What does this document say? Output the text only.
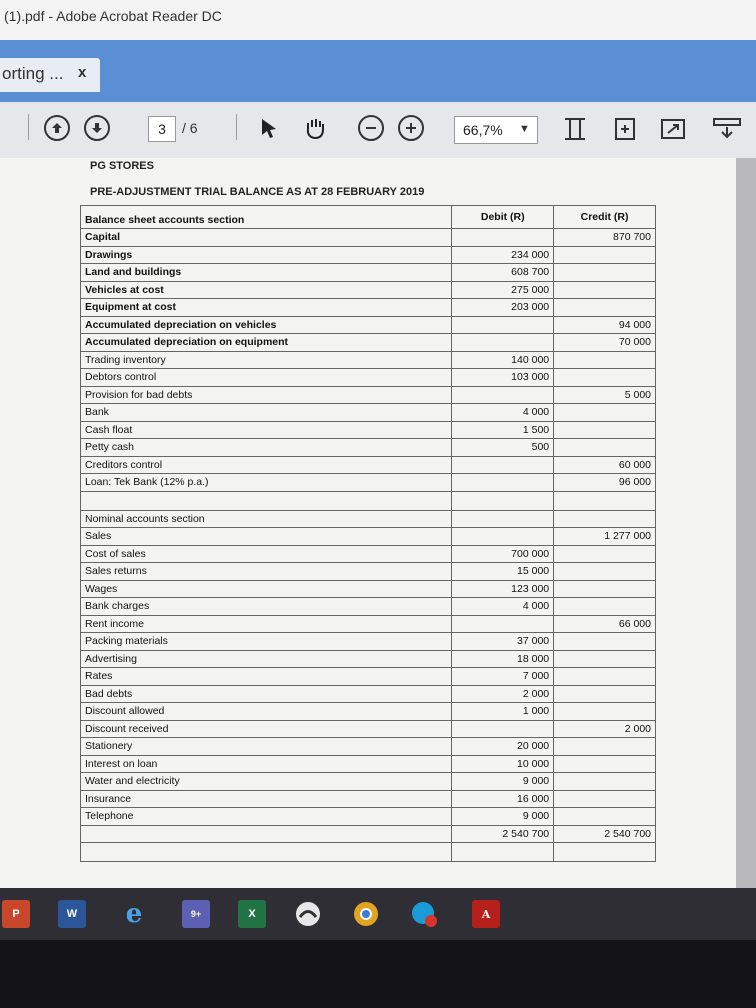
(1).pdf - Adobe Acrobat Reader DC
orting ... x
3	/ 6	66,7% ▼
PG STORES
PRE-ADJUSTMENT TRIAL BALANCE AS AT 28 FEBRUARY 2019
Balance sheet accounts section	Debit (R)	Credit (R)
Capital		870 700
Drawings	234 000	
Land and buildings	608 700	
Vehicles at cost	275 000	
Equipment at cost	203 000	
Accumulated depreciation on vehicles		94 000
Accumulated depreciation on equipment		70 000
Trading inventory	140 000	
Debtors control	103 000	
Provision for bad debts		5 000
Bank	4 000	
Cash float	1 500	
Petty cash	500	
Creditors control		60 000
Loan: Tek Bank (12% p.a.)		96 000

Nominal accounts section		
Sales		1 277 000
Cost of sales	700 000	
Sales returns	15 000	
Wages	123 000	
Bank charges	4 000	
Rent income		66 000
Packing materials	37 000	
Advertising	18 000	
Rates	7 000	
Bad debts	2 000	
Discount allowed	1 000	
Discount received		2 000
Stationery	20 000	
Interest on loan	10 000	
Water and electricity	9 000	
Insurance	16 000	
Telephone	9 000	
	2 540 700	2 540 700

P	W	e	9+	X	A
